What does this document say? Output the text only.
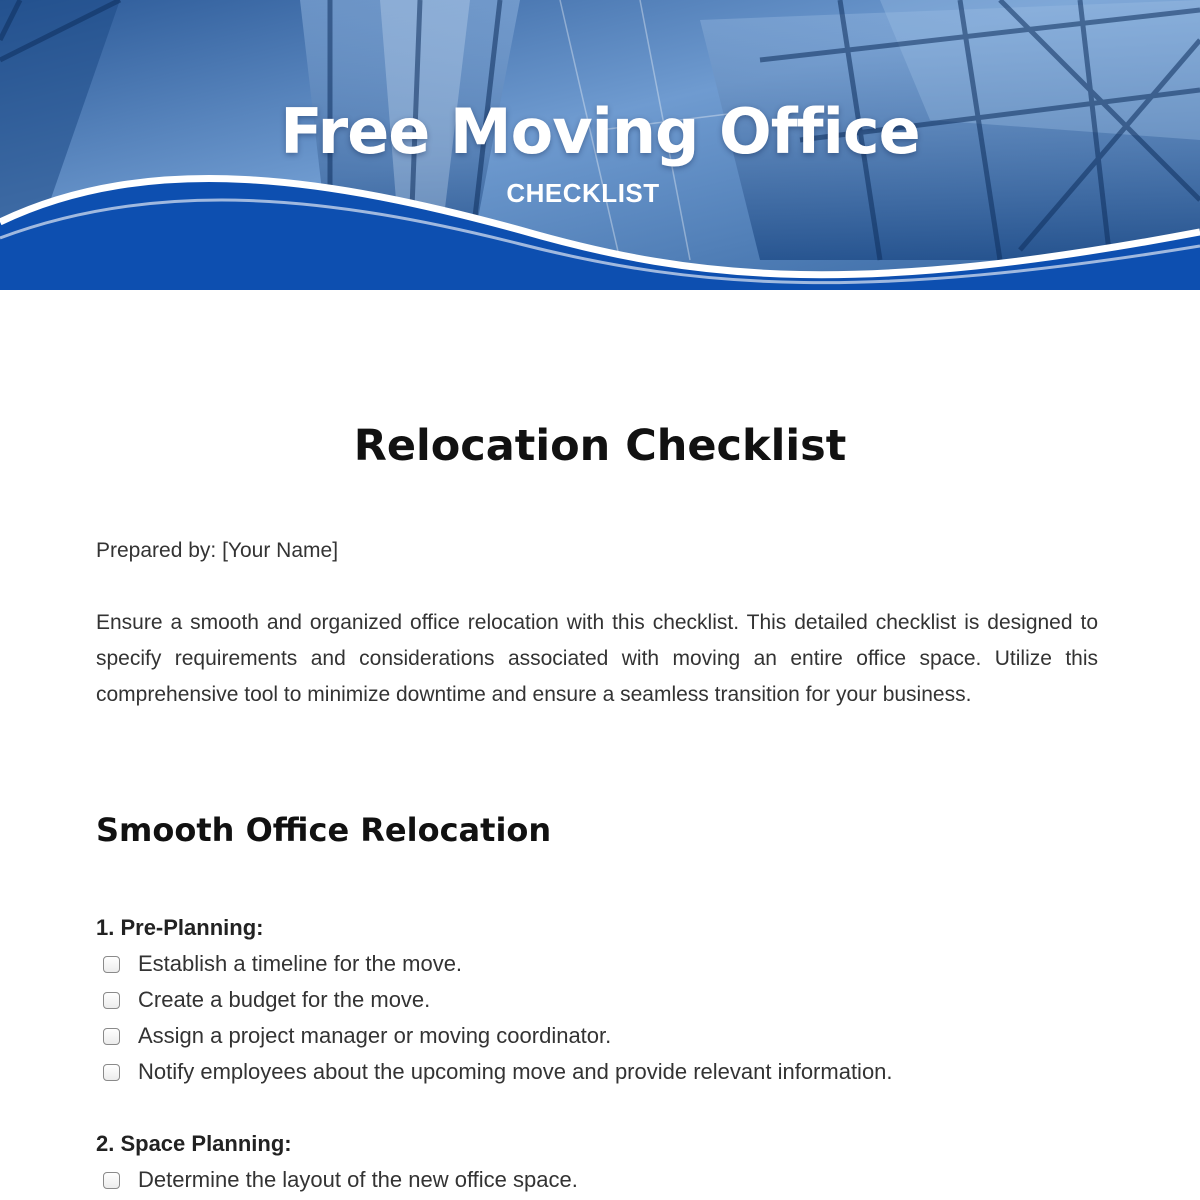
Free Moving Office
CHECKLIST
Relocation Checklist
Prepared by: [Your Name]

Ensure a smooth and organized office relocation with this checklist. This detailed checklist is designed to specify requirements and considerations associated with moving an entire office space. Utilize this comprehensive tool to minimize downtime and ensure a seamless transition for your business.

Smooth Office Relocation
1. Pre-Planning:
Establish a timeline for the move.
Create a budget for the move.
Assign a project manager or moving coordinator.
Notify employees about the upcoming move and provide relevant information.
2. Space Planning:
Determine the layout of the new office space.
